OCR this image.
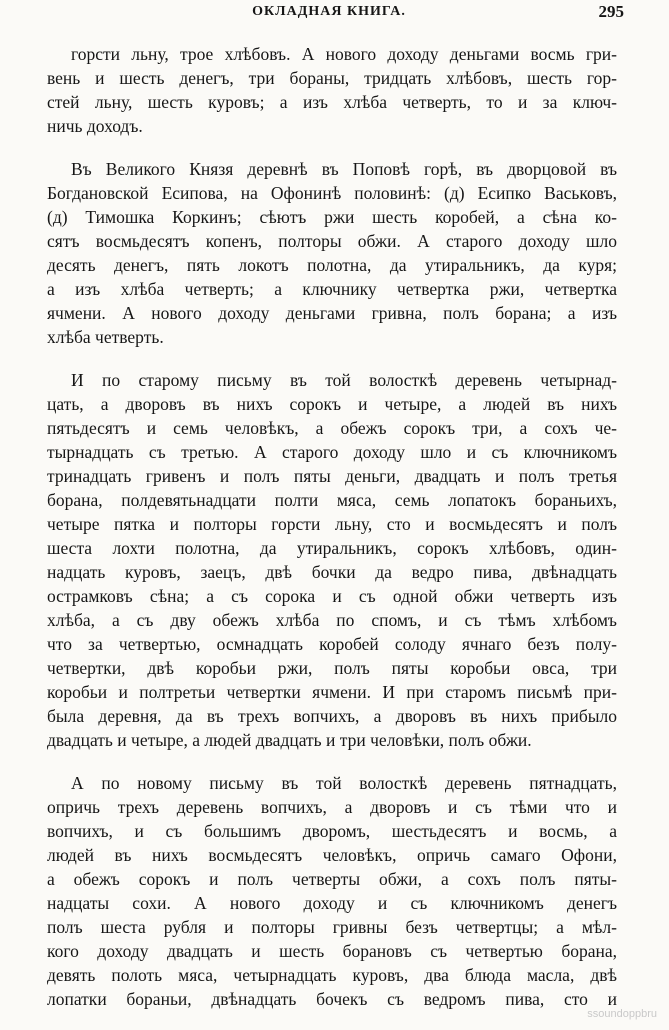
ОКЛАДНАЯ КНИГА.	295
горсти льну, трое хлѣбовъ. А нового доходу деньгами восмь гри-
вень и шесть денегъ, три бораны, тридцать хлѣбовъ, шесть гор-
стей льну, шесть куровъ; а изъ хлѣба четверть, то и за ключ-
ничь доходъ.
Въ Великого Князя деревнѣ въ Поповѣ горѣ, въ дворцовой въ
Богдановской Есипова, на Офонинѣ половинѣ: (д) Есипко Васьковъ,
(д) Тимошка Коркинъ; сѣютъ ржи шесть коробей, а сѣна ко-
сятъ восмьдесятъ копенъ, полторы обжи. А старого доходу шло
десять денегъ, пять локотъ полотна, да утиральникъ, да куря;
а изъ хлѣба четверть; а ключнику четвертка ржи, четвертка
ячмени. А нового доходу деньгами гривна, полъ борана; а изъ
хлѣба четверть.
И по старому письму въ той волосткѣ деревень четырнад-
цать, а дворовъ въ нихъ сорокъ и четыре, а людей въ нихъ
пятьдесятъ и семь человѣкъ, а обежъ сорокъ три, а сохъ че-
тырнадцать съ третью. А старого доходу шло и съ ключникомъ
тринадцать гривенъ и полъ пяты деньги, двадцать и полъ третья
борана, полдевятьнадцати полти мяса, семь лопатокъ бораньихъ,
четыре пятка и полторы горсти льну, сто и восмьдесятъ и полъ
шеста лохти полотна, да утиральникъ, сорокъ хлѣбовъ, один-
надцать куровъ, заецъ, двѣ бочки да ведро пива, двѣнадцать
острамковъ сѣна; а съ сорока и съ одной обжи четверть изъ
хлѣба, а съ дву обежъ хлѣба по спомъ, и съ тѣмъ хлѣбомъ
что за четвертью, осмнадцать коробей солоду ячнаго безъ полу-
четвертки, двѣ коробьи ржи, полъ пяты коробьи овса, три
коробьи и полтретьи четвертки ячмени. И при старомъ письмѣ при-
была деревня, да въ трехъ вопчихъ, а дворовъ въ нихъ прибыло
двадцать и четыре, а людей двадцать и три человѣки, полъ обжи.
А по новому письму въ той волосткѣ деревень пятнадцать,
опричь трехъ деревень вопчихъ, а дворовъ и съ тѣми что и
вопчихъ, и съ большимъ дворомъ, шестьдесятъ и восмь, а
людей въ нихъ восмьдесятъ человѣкъ, опричь самаго Офони,
а обежъ сорокъ и полъ четверты обжи, а сохъ полъ пяты-
надцаты сохи. А нового доходу и съ ключникомъ денегъ
полъ шеста рубля и полторы гривны безъ четвертцы; а мѣл-
кого доходу двадцать и шесть борановъ съ четвертью борана,
девять полоть мяса, четырнадцать куровъ, два блюда масла, двѣ
лопатки бораньи, двѣнадцать бочекъ съ ведромъ пива, сто и
ssoundoppbru
